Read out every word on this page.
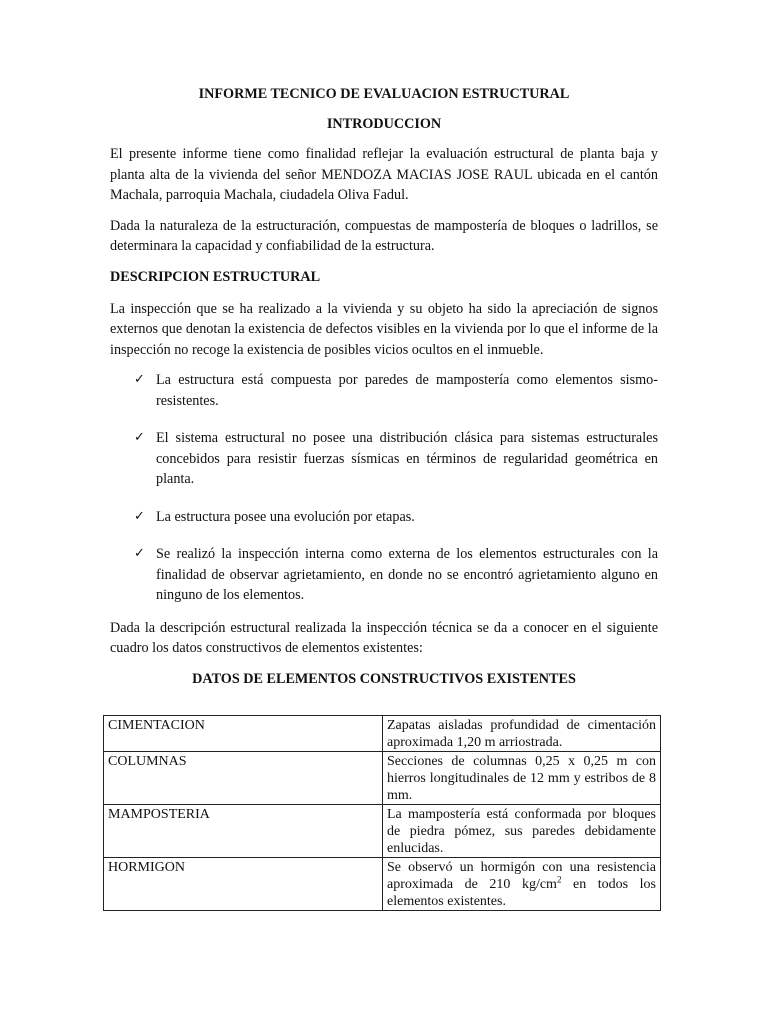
INFORME TECNICO DE EVALUACION ESTRUCTURAL

INTRODUCCION

El presente informe tiene como finalidad reflejar la evaluación estructural de planta baja y planta alta de la vivienda del señor MENDOZA MACIAS JOSE RAUL ubicada en el cantón Machala, parroquia Machala, ciudadela Oliva Fadul.

Dada la naturaleza de la estructuración, compuestas de mampostería de bloques o ladrillos, se determinara la capacidad y confiabilidad de la estructura.

DESCRIPCION ESTRUCTURAL

La inspección que se ha realizado a la vivienda y su objeto ha sido la apreciación de signos externos que denotan la existencia de defectos visibles en la vivienda por lo que el informe de la inspección no recoge la existencia de posibles vicios ocultos en el inmueble.

✓ La estructura está compuesta por paredes de mampostería como elementos sismo-resistentes.
✓ El sistema estructural no posee una distribución clásica para sistemas estructurales concebidos para resistir fuerzas sísmicas en términos de regularidad geométrica en planta.
✓ La estructura posee una evolución por etapas.
✓ Se realizó la inspección interna como externa de los elementos estructurales con la finalidad de observar agrietamiento, en donde no se encontró agrietamiento alguno en ninguno de los elementos.

Dada la descripción estructural realizada la inspección técnica se da a conocer en el siguiente cuadro los datos constructivos de elementos existentes:

DATOS DE ELEMENTOS CONSTRUCTIVOS EXISTENTES

CIMENTACION	Zapatas aisladas profundidad de cimentación aproximada 1,20 m arriostrada.
COLUMNAS	Secciones de columnas 0,25 x 0,25 m con hierros longitudinales de 12 mm y estribos de 8 mm.
MAMPOSTERIA	La mampostería está conformada por bloques de piedra pómez, sus paredes debidamente enlucidas.
HORMIGON	Se observó un hormigón con una resistencia aproximada de 210 $kg/cm^2$ en todos los elementos existentes.
